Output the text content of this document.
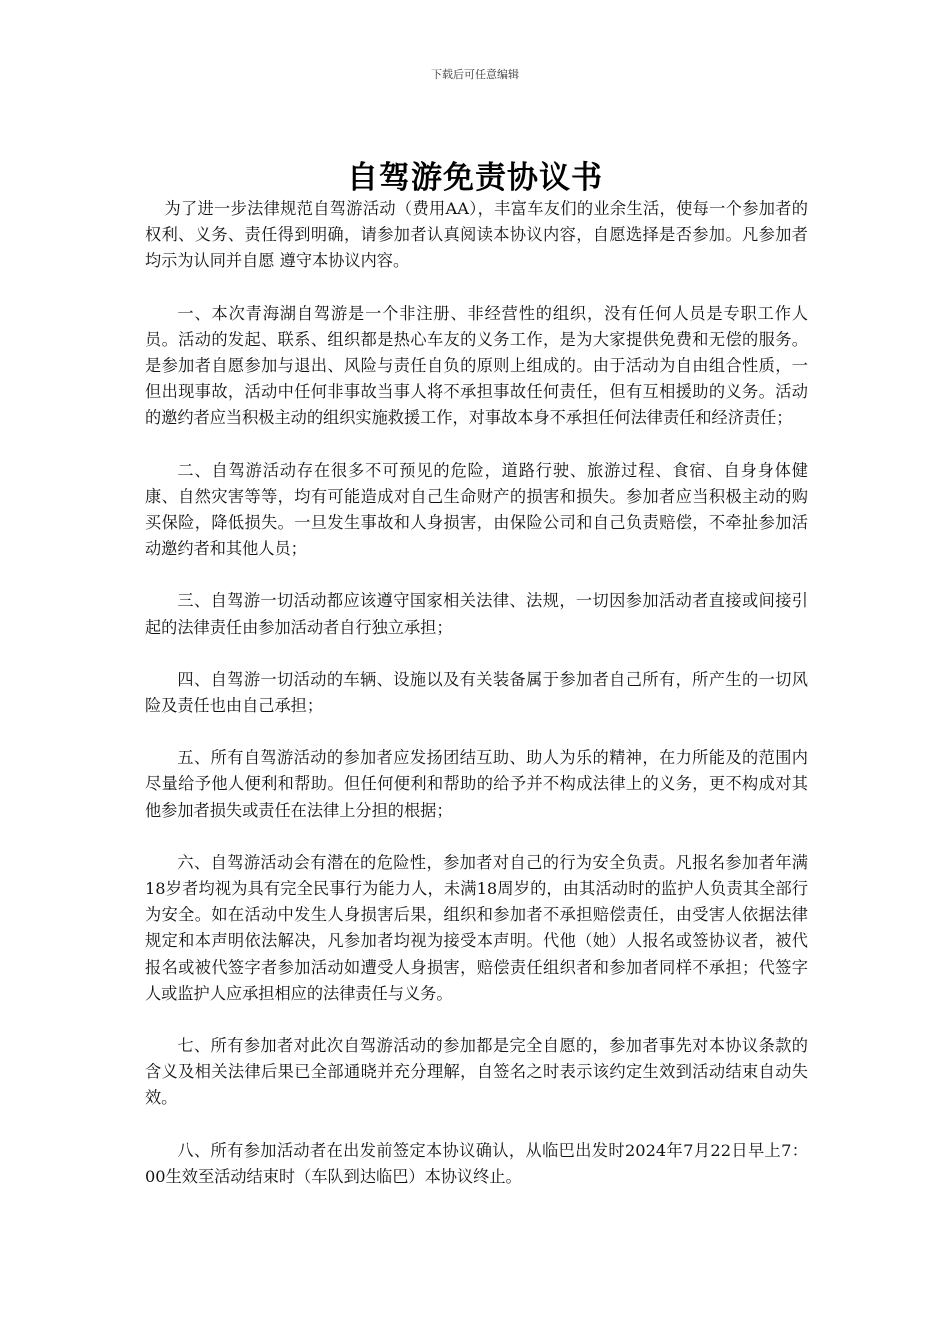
下载后可任意编辑
自驾游免责协议书

为了进一步法律规范自驾游活动（费用AA），丰富车友们的业余生活，使每一个参加者的权利、义务、责任得到明确，请参加者认真阅读本协议内容，自愿选择是否参加。凡参加者均示为认同并自愿 遵守本协议内容。

一、本次青海湖自驾游是一个非注册、非经营性的组织，没有任何人员是专职工作人员。活动的发起、联系、组织都是热心车友的义务工作，是为大家提供免费和无偿的服务。是参加者自愿参加与退出、风险与责任自负的原则上组成的。由于活动为自由组合性质，一但出现事故，活动中任何非事故当事人将不承担事故任何责任，但有互相援助的义务。活动的邀约者应当积极主动的组织实施救援工作，对事故本身不承担任何法律责任和经济责任；

二、自驾游活动存在很多不可预见的危险，道路行驶、旅游过程、食宿、自身身体健康、自然灾害等等，均有可能造成对自己生命财产的损害和损失。参加者应当积极主动的购买保险，降低损失。一旦发生事故和人身损害，由保险公司和自己负责赔偿，不牵扯参加活动邀约者和其他人员；

三、自驾游一切活动都应该遵守国家相关法律、法规，一切因参加活动者直接或间接引起的法律责任由参加活动者自行独立承担；

四、自驾游一切活动的车辆、设施以及有关装备属于参加者自己所有，所产生的一切风险及责任也由自己承担；

五、所有自驾游活动的参加者应发扬团结互助、助人为乐的精神，在力所能及的范围内尽量给予他人便利和帮助。但任何便利和帮助的给予并不构成法律上的义务，更不构成对其他参加者损失或责任在法律上分担的根据；

六、自驾游活动会有潜在的危险性，参加者对自己的行为安全负责。凡报名参加者年满18岁者均视为具有完全民事行为能力人，未满18周岁的，由其活动时的监护人负责其全部行为安全。如在活动中发生人身损害后果，组织和参加者不承担赔偿责任，由受害人依据法律规定和本声明依法解决，凡参加者均视为接受本声明。代他（她）人报名或签协议者，被代报名或被代签字者参加活动如遭受人身损害，赔偿责任组织者和参加者同样不承担；代签字人或监护人应承担相应的法律责任与义务。

七、所有参加者对此次自驾游活动的参加都是完全自愿的，参加者事先对本协议条款的含义及相关法律后果已全部通晓并充分理解，自签名之时表示该约定生效到活动结束自动失效。

八、所有参加活动者在出发前签定本协议确认，从临巴出发时2024年7月22日早上7：00生效至活动结束时（车队到达临巴）本协议终止。
